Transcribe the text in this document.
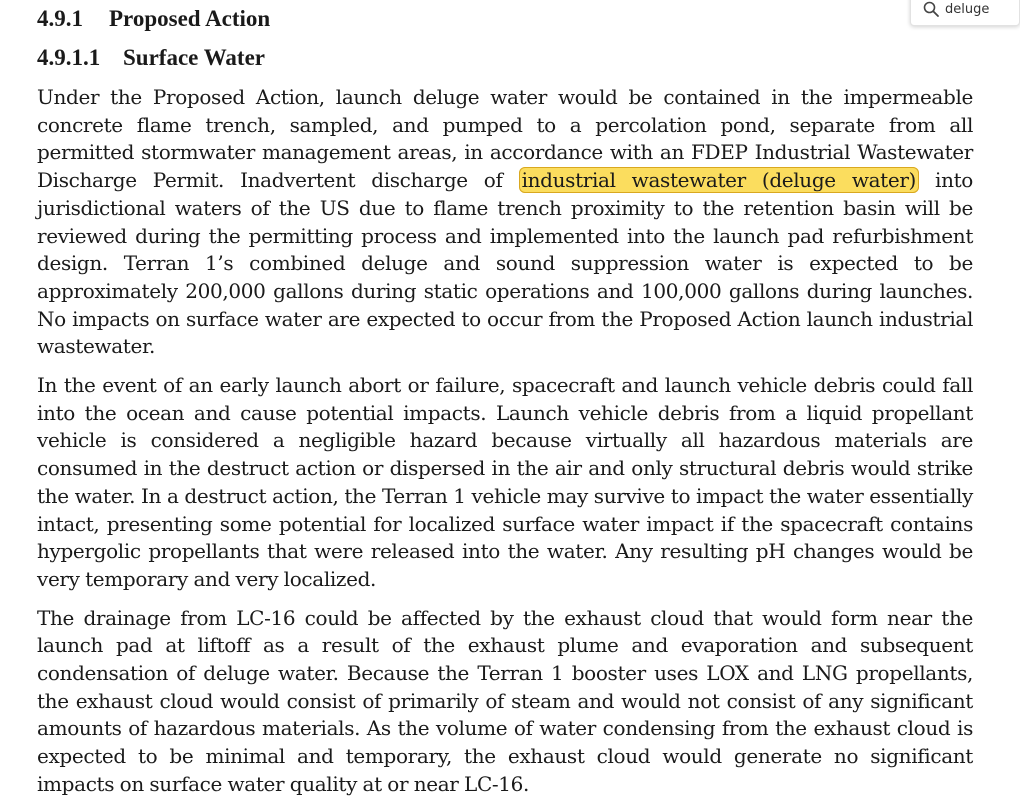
4.9.1 Proposed Action
4.9.1.1 Surface Water

Under the Proposed Action, launch deluge water would be contained in the impermeable concrete flame trench, sampled, and pumped to a percolation pond, separate from all permitted stormwater management areas, in accordance with an FDEP Industrial Wastewater Discharge Permit. Inadvertent discharge of industrial wastewater (deluge water) into jurisdictional waters of the US due to flame trench proximity to the retention basin will be reviewed during the permitting process and implemented into the launch pad refurbishment design. Terran 1’s combined deluge and sound suppression water is expected to be approximately 200,000 gallons during static operations and 100,000 gallons during launches. No impacts on surface water are expected to occur from the Proposed Action launch industrial wastewater.

In the event of an early launch abort or failure, spacecraft and launch vehicle debris could fall into the ocean and cause potential impacts. Launch vehicle debris from a liquid propellant vehicle is considered a negligible hazard because virtually all hazardous materials are consumed in the destruct action or dispersed in the air and only structural debris would strike the water. In a destruct action, the Terran 1 vehicle may survive to impact the water essentially intact, presenting some potential for localized surface water impact if the spacecraft contains hypergolic propellants that were released into the water. Any resulting pH changes would be very temporary and very localized.

The drainage from LC-16 could be affected by the exhaust cloud that would form near the launch pad at liftoff as a result of the exhaust plume and evaporation and subsequent condensation of deluge water. Because the Terran 1 booster uses LOX and LNG propellants, the exhaust cloud would consist of primarily of steam and would not consist of any significant amounts of hazardous materials. As the volume of water condensing from the exhaust cloud is expected to be minimal and temporary, the exhaust cloud would generate no significant impacts on surface water quality at or near LC-16.

deluge
